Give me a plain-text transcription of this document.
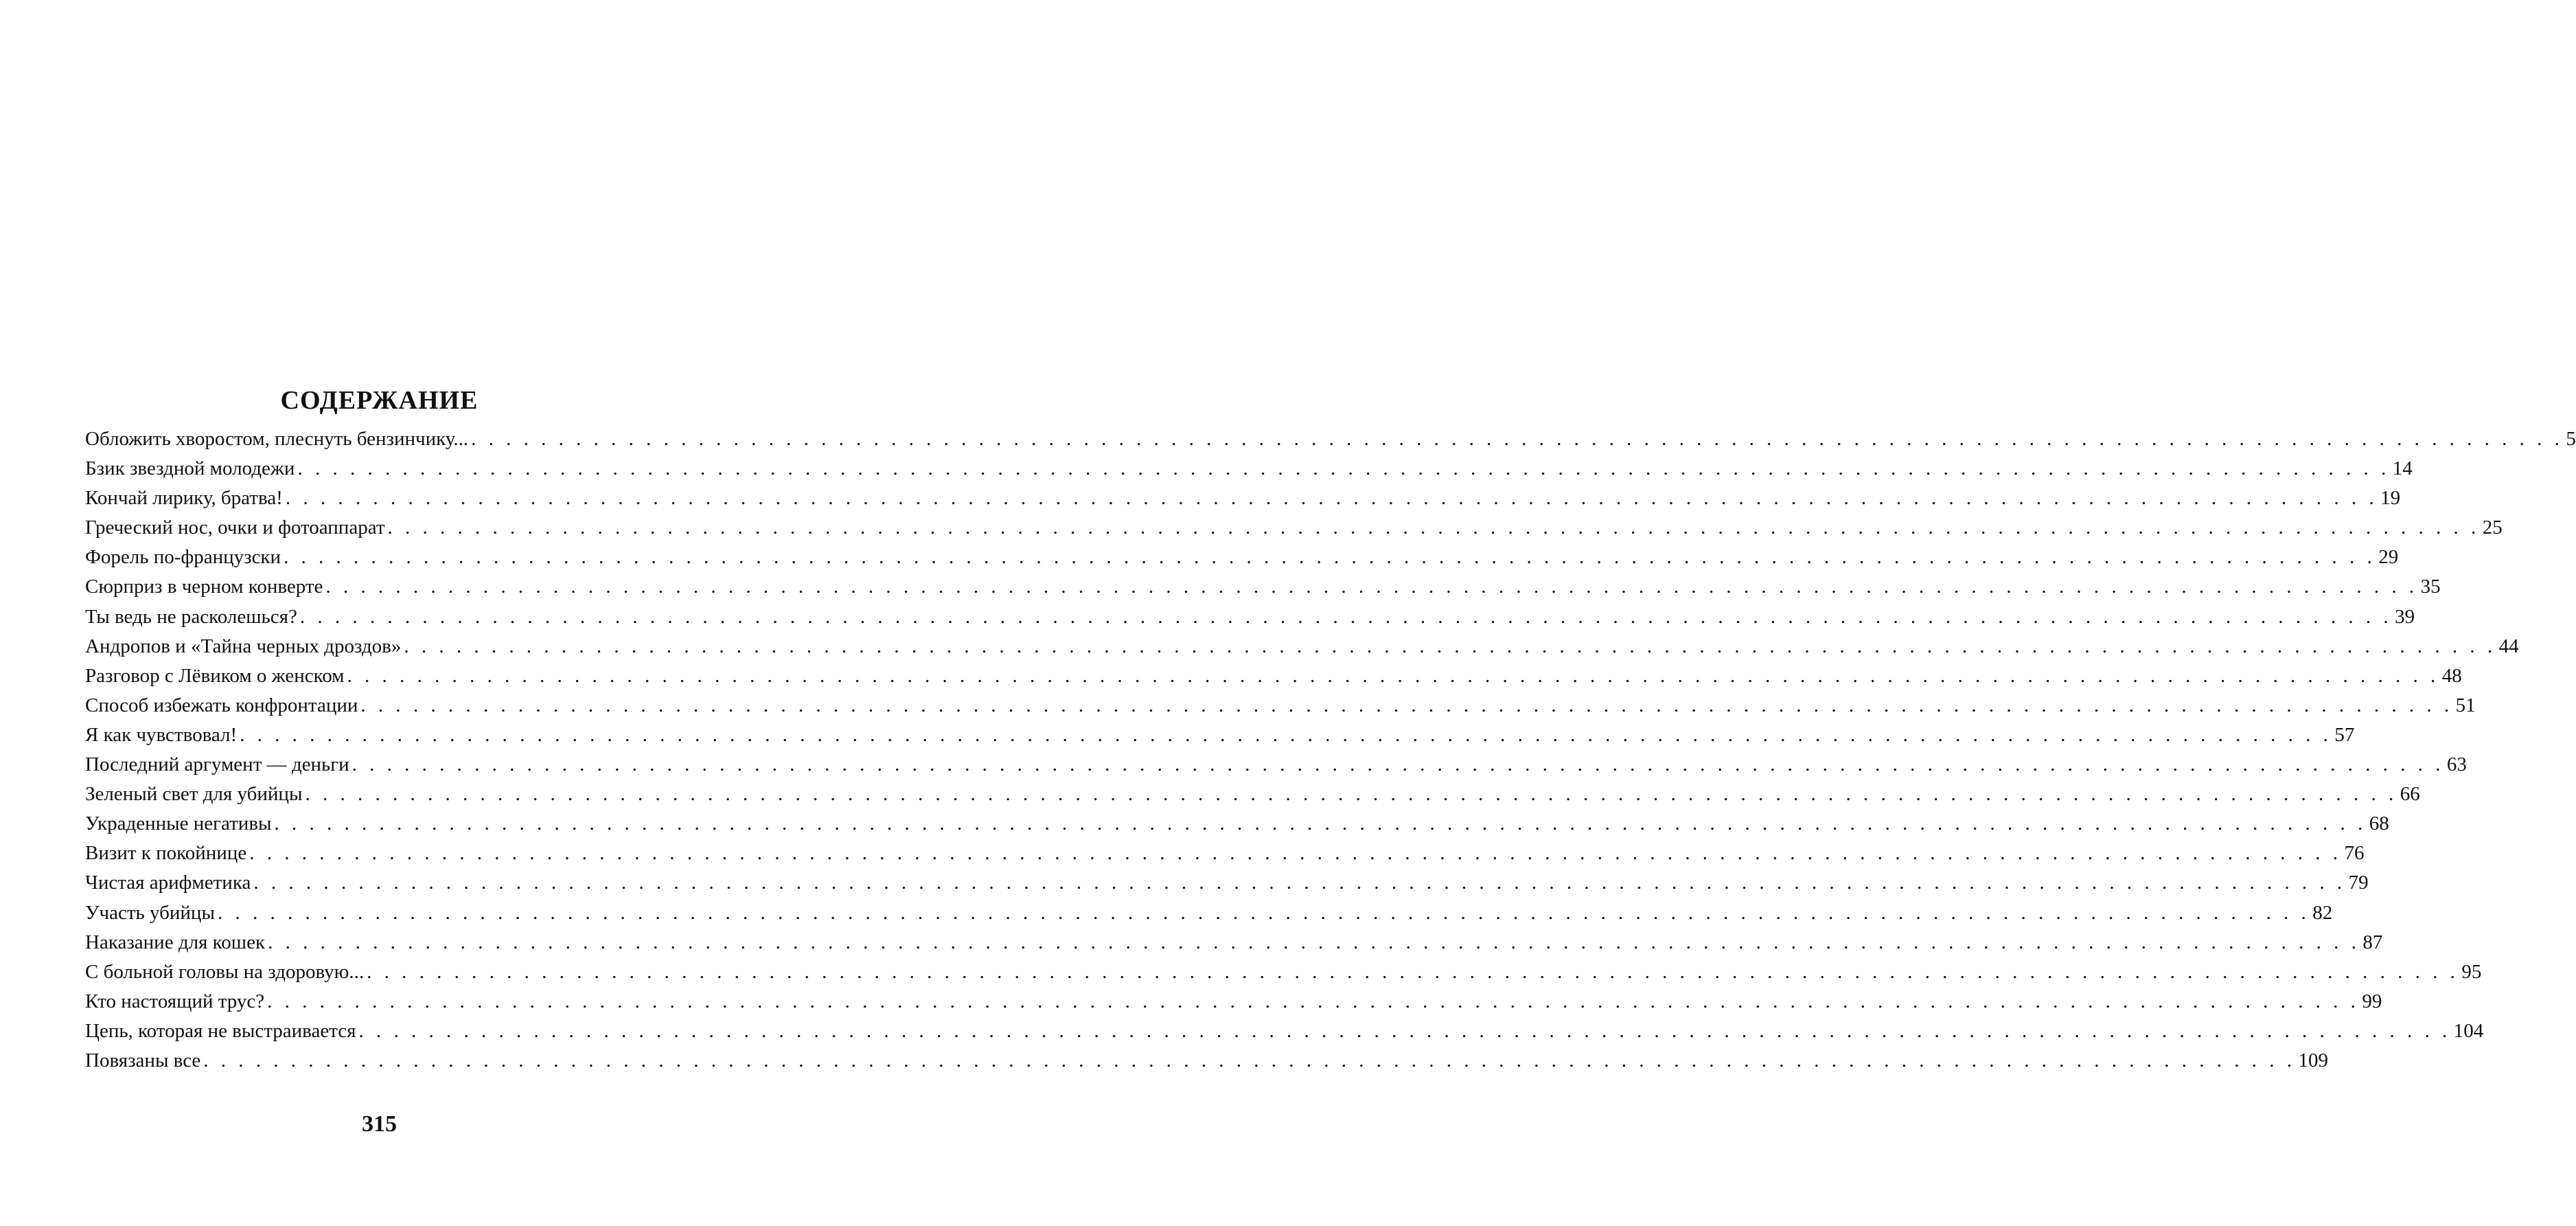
СОДЕРЖАНИЕ
Обложить хворостом, плеснуть бензинчику... . . . . . . . . . . . . . . . . . . . . . . . . . . . . . . . . . . . . . . . . . . . . . . . . . . . . . . . . . . . . . . . . . . . . . . . . . . . . . . . . . . . . . . . . . . . . . . . . . . . . . . . . . . . . . . . . . . . . . . . . 5
Бзик звездной молодежи . . . . . . . . . . . . . . . . . . . . . . . . . . . . . . . . . . . . . . . . . . . . . . . . . . . . . . . . . . . . . . . . . . . . . . . . . . . . . . . . . . . . . . . . . . . . . . . . . . . . . . . . . . . . . . . . . . . . . . . . 14
Кончай лирику, братва! . . . . . . . . . . . . . . . . . . . . . . . . . . . . . . . . . . . . . . . . . . . . . . . . . . . . . . . . . . . . . . . . . . . . . . . . . . . . . . . . . . . . . . . . . . . . . . . . . . . . . . . . . . . . . . . . . . . . . . . . 19
Греческий нос, очки и фотоаппарат . . . . . . . . . . . . . . . . . . . . . . . . . . . . . . . . . . . . . . . . . . . . . . . . . . . . . . . . . . . . . . . . . . . . . . . . . . . . . . . . . . . . . . . . . . . . . . . . . . . . . . . . . . . . . . . . . . . . . . . . 25
Форель по-французски . . . . . . . . . . . . . . . . . . . . . . . . . . . . . . . . . . . . . . . . . . . . . . . . . . . . . . . . . . . . . . . . . . . . . . . . . . . . . . . . . . . . . . . . . . . . . . . . . . . . . . . . . . . . . . . . . . . . . . . . 29
Сюрприз в черном конверте . . . . . . . . . . . . . . . . . . . . . . . . . . . . . . . . . . . . . . . . . . . . . . . . . . . . . . . . . . . . . . . . . . . . . . . . . . . . . . . . . . . . . . . . . . . . . . . . . . . . . . . . . . . . . . . . . . . . . . . . 35
Ты ведь не расколешься? . . . . . . . . . . . . . . . . . . . . . . . . . . . . . . . . . . . . . . . . . . . . . . . . . . . . . . . . . . . . . . . . . . . . . . . . . . . . . . . . . . . . . . . . . . . . . . . . . . . . . . . . . . . . . . . . . . . . . . . . 39
Андропов и «Тайна черных дроздов» . . . . . . . . . . . . . . . . . . . . . . . . . . . . . . . . . . . . . . . . . . . . . . . . . . . . . . . . . . . . . . . . . . . . . . . . . . . . . . . . . . . . . . . . . . . . . . . . . . . . . . . . . . . . . . . . . . . . . . . . 44
Разговор с Лёвиком о женском . . . . . . . . . . . . . . . . . . . . . . . . . . . . . . . . . . . . . . . . . . . . . . . . . . . . . . . . . . . . . . . . . . . . . . . . . . . . . . . . . . . . . . . . . . . . . . . . . . . . . . . . . . . . . . . . . . . . . . . . 48
Способ избежать конфронтации . . . . . . . . . . . . . . . . . . . . . . . . . . . . . . . . . . . . . . . . . . . . . . . . . . . . . . . . . . . . . . . . . . . . . . . . . . . . . . . . . . . . . . . . . . . . . . . . . . . . . . . . . . . . . . . . . . . . . . . . 51
Я как чувствовал! . . . . . . . . . . . . . . . . . . . . . . . . . . . . . . . . . . . . . . . . . . . . . . . . . . . . . . . . . . . . . . . . . . . . . . . . . . . . . . . . . . . . . . . . . . . . . . . . . . . . . . . . . . . . . . . . . . . . . . . . 57
Последний аргумент — деньги . . . . . . . . . . . . . . . . . . . . . . . . . . . . . . . . . . . . . . . . . . . . . . . . . . . . . . . . . . . . . . . . . . . . . . . . . . . . . . . . . . . . . . . . . . . . . . . . . . . . . . . . . . . . . . . . . . . . . . . . 63
Зеленый свет для убийцы . . . . . . . . . . . . . . . . . . . . . . . . . . . . . . . . . . . . . . . . . . . . . . . . . . . . . . . . . . . . . . . . . . . . . . . . . . . . . . . . . . . . . . . . . . . . . . . . . . . . . . . . . . . . . . . . . . . . . . . . 66
Украденные негативы . . . . . . . . . . . . . . . . . . . . . . . . . . . . . . . . . . . . . . . . . . . . . . . . . . . . . . . . . . . . . . . . . . . . . . . . . . . . . . . . . . . . . . . . . . . . . . . . . . . . . . . . . . . . . . . . . . . . . . . . 68
Визит к покойнице . . . . . . . . . . . . . . . . . . . . . . . . . . . . . . . . . . . . . . . . . . . . . . . . . . . . . . . . . . . . . . . . . . . . . . . . . . . . . . . . . . . . . . . . . . . . . . . . . . . . . . . . . . . . . . . . . . . . . . . . 76
Чистая арифметика . . . . . . . . . . . . . . . . . . . . . . . . . . . . . . . . . . . . . . . . . . . . . . . . . . . . . . . . . . . . . . . . . . . . . . . . . . . . . . . . . . . . . . . . . . . . . . . . . . . . . . . . . . . . . . . . . . . . . . . . 79
Участь убийцы . . . . . . . . . . . . . . . . . . . . . . . . . . . . . . . . . . . . . . . . . . . . . . . . . . . . . . . . . . . . . . . . . . . . . . . . . . . . . . . . . . . . . . . . . . . . . . . . . . . . . . . . . . . . . . . . . . . . . . . . 82
Наказание для кошек . . . . . . . . . . . . . . . . . . . . . . . . . . . . . . . . . . . . . . . . . . . . . . . . . . . . . . . . . . . . . . . . . . . . . . . . . . . . . . . . . . . . . . . . . . . . . . . . . . . . . . . . . . . . . . . . . . . . . . . . 87
С больной головы на здоровую... . . . . . . . . . . . . . . . . . . . . . . . . . . . . . . . . . . . . . . . . . . . . . . . . . . . . . . . . . . . . . . . . . . . . . . . . . . . . . . . . . . . . . . . . . . . . . . . . . . . . . . . . . . . . . . . . . . . . . . . . 95
Кто настоящий трус? . . . . . . . . . . . . . . . . . . . . . . . . . . . . . . . . . . . . . . . . . . . . . . . . . . . . . . . . . . . . . . . . . . . . . . . . . . . . . . . . . . . . . . . . . . . . . . . . . . . . . . . . . . . . . . . . . . . . . . . . 99
Цепь, которая не выстраивается . . . . . . . . . . . . . . . . . . . . . . . . . . . . . . . . . . . . . . . . . . . . . . . . . . . . . . . . . . . . . . . . . . . . . . . . . . . . . . . . . . . . . . . . . . . . . . . . . . . . . . . . . . . . . . . . . . . . . . . . 104
Повязаны все . . . . . . . . . . . . . . . . . . . . . . . . . . . . . . . . . . . . . . . . . . . . . . . . . . . . . . . . . . . . . . . . . . . . . . . . . . . . . . . . . . . . . . . . . . . . . . . . . . . . . . . . . . . . . . . . . . . . . . . . 109
315
